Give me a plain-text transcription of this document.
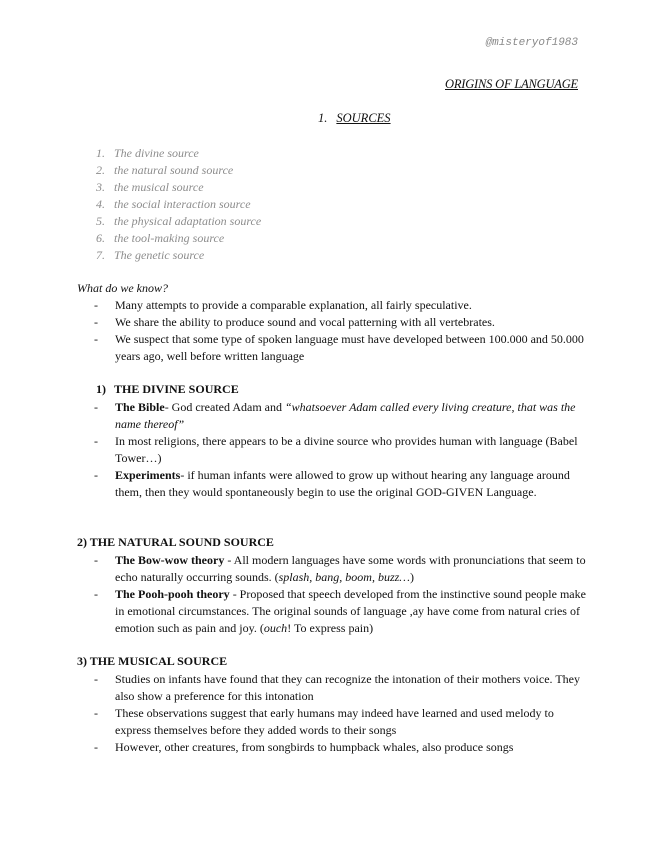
@misteryof1983
ORIGINS OF LANGUAGE
1. SOURCES
1. The divine source
2. the natural sound source
3. the musical source
4. the social interaction source
5. the physical adaptation source
6. the tool-making source
7. The genetic source
What do we know?
- Many attempts to provide a comparable explanation, all fairly speculative.
- We share the ability to produce sound and vocal patterning with all vertebrates.
- We suspect that some type of spoken language must have developed between 100.000 and 50.000 years ago, well before written language
1) THE DIVINE SOURCE
- The Bible- God created Adam and “whatsoever Adam called every living creature, that was the name thereof”
- In most religions, there appears to be a divine source who provides human with language (Babel Tower…)
- Experiments- if human infants were allowed to grow up without hearing any language around them, then they would spontaneously begin to use the original GOD-GIVEN Language.
2) THE NATURAL SOUND SOURCE
- The Bow-wow theory - All modern languages have some words with pronunciations that seem to echo naturally occurring sounds. (splash, bang, boom, buzz…)
- The Pooh-pooh theory - Proposed that speech developed from the instinctive sound people make in emotional circumstances. The original sounds of language ,ay have come from natural cries of emotion such as pain and joy. (ouch! To express pain)
3) THE MUSICAL SOURCE
- Studies on infants have found that they can recognize the intonation of their mothers voice. They also show a preference for this intonation
- These observations suggest that early humans may indeed have learned and used melody to express themselves before they added words to their songs
- However, other creatures, from songbirds to humpback whales, also produce songs
